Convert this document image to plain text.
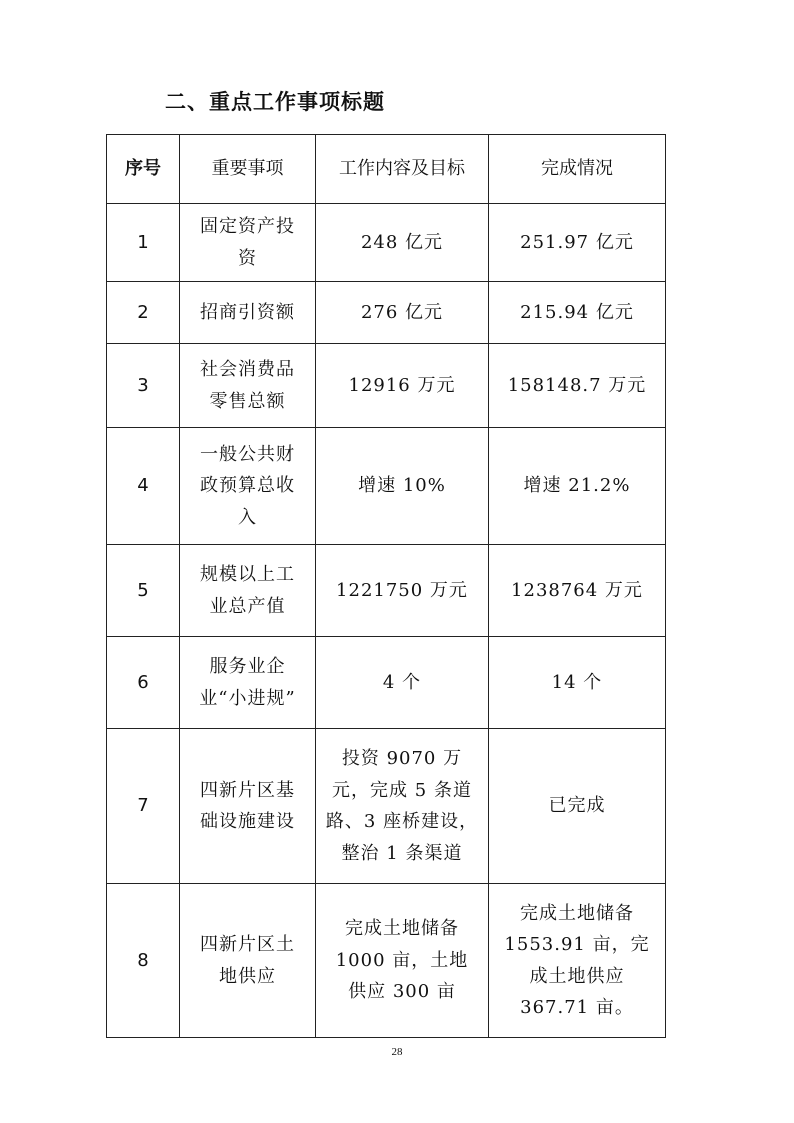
二、重点工作事项标题
序号	重要事项	工作内容及目标	完成情况
1	固定资产投资	248 亿元	251.97 亿元
2	招商引资额	276 亿元	215.94 亿元
3	社会消费品零售总额	12916 万元	158148.7 万元
4	一般公共财政预算总收入	增速 10%	增速 21.2%
5	规模以上工业总产值	1221750 万元	1238764 万元
6	服务业企业“小进规”	4 个	14 个
7	四新片区基础设施建设	投资 9070 万元，完成 5 条道路、3 座桥建设，整治 1 条渠道	已完成
8	四新片区土地供应	完成土地储备 1000 亩，土地供应 300 亩	完成土地储备 1553.91 亩，完成土地供应 367.71 亩。
28
